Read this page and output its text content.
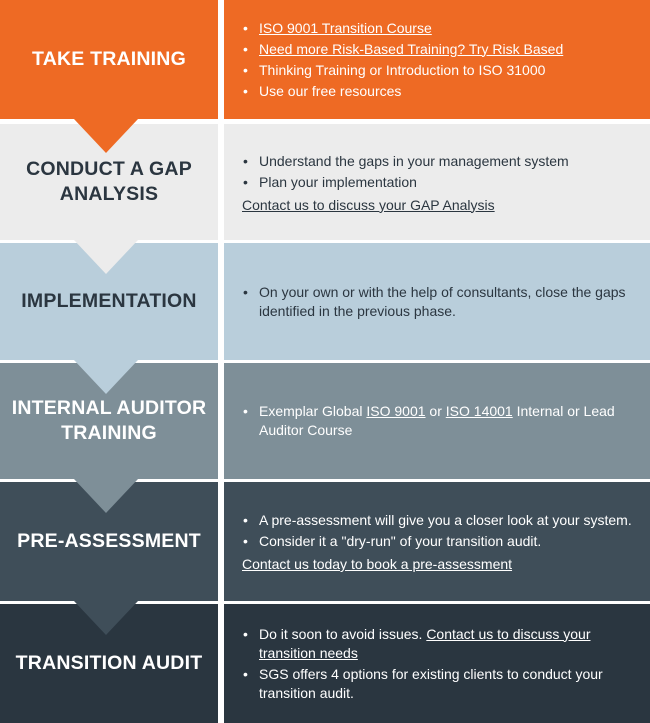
TAKE TRAINING
• ISO 9001 Transition Course
• Need more Risk-Based Training? Try Risk Based
• Thinking Training or Introduction to ISO 31000
• Use our free resources
CONDUCT A GAP
ANALYSIS
• Understand the gaps in your management system
• Plan your implementation
Contact us to discuss your GAP Analysis
IMPLEMENTATION
•	On your own or with the help of consultants, close the gaps identified in the previous phase.
INTERNAL AUDITOR
TRAINING
• Exemplar Global ISO 9001 or ISO 14001 Internal or Lead Auditor Course
PRE-ASSESSMENT
• A pre-assessment will give you a closer look at your system.
• Consider it a "dry-run" of your transition audit.
Contact us today to book a pre-assessment
TRANSITION AUDIT
• Do it soon to avoid issues. Contact us to discuss your transition needs
• SGS offers 4 options for existing clients to conduct your transition audit.
